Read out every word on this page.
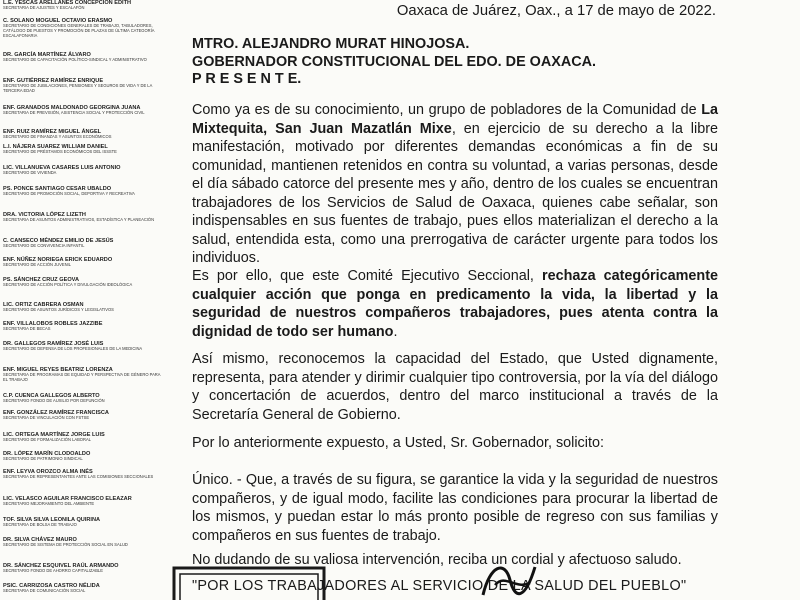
L.E. YESCAS ARELLANES CONCEPCIÓN EDITH
SECRETARIA DE AJUSTES Y ESCALAFÓN
C. SOLANO MOGUEL OCTAVIO ERASMO
SECRETARIO DE CONDICIONES GENERALES DE TRABAJO, TABULADORES, CATÁLOGO DE PUESTOS Y PROMOCIÓN DE PLAZAS DE ÚLTIMA CATEGORÍA ESCALAFONARIA
DR. GARCÍA MARTÍNEZ ÁLVARO
SECRETARIO DE CAPACITACIÓN POLÍTICO-SINDICAL Y ADMINISTRATIVO
ENF. GUTIÉRREZ RAMÍREZ ENRIQUE
SECRETARIO DE JUBILACIONES, PENSIONES Y SEGUROS DE VIDA Y DE LA TERCERA EDAD
ENF. GRANADOS MALDONADO GEORGINA JUANA
SECRETARIA DE PREVISIÓN, ASISTENCIA SOCIAL Y PROTECCIÓN CIVIL
ENF. RUIZ RAMÍREZ MIGUEL ÁNGEL
SECRETARIO DE FINANZAS Y ASUNTOS ECONÓMICOS
L.I. NÁJERA SUAREZ WILLIAM DANIEL
SECRETARIO DE PRÉSTAMOS ECONÓMICOS DEL ISSSTE
LIC. VILLANUEVA CASARES LUIS ANTONIO
SECRETARIO DE VIVIENDA
PS. PONCE SANTIAGO CESAR UBALDO
SECRETARIO DE PROMOCIÓN SOCIAL, DEPORTIVA Y RECREATIVA
DRA. VICTORIA LÓPEZ LIZETH
SECRETARIA DE ASUNTOS ADMINISTRATIVOS, ESTADÍSTICA Y PLANEACIÓN
C. CANSECO MÉNDEZ EMILIO DE JESÚS
SECRETARIO DE CONVIVENCIA INFANTIL
ENF. NÚÑEZ NORIEGA ERICK EDUARDO
SECRETARIO DE ACCIÓN JUVENIL
PS. SÁNCHEZ CRUZ GEOVA
SECRETARIO DE ACCIÓN POLÍTICA Y DIVULGACIÓN IDEOLÓGICA
LIC. ORTIZ CABRERA OSMAN
SECRETARIO DE ASUNTOS JURÍDICOS Y LEGISLATIVOS
ENF. VILLALOBOS ROBLES JAZZIBE
SECRETARIA DE BECAS
DR. GALLEGOS RAMÍREZ JOSÉ LUIS
SECRETARIO DE DEFENSA DE LOS PROFESIONALES DE LA MEDICINA
ENF. MIGUEL REYES BEATRIZ LORENZA
SECRETARIA DE PROGRAMAS DE EQUIDAD Y PERSPECTIVA DE GÉNERO PARA EL TRABAJO
C.P. CUENCA GALLEGOS ALBERTO
SECRETARIO FONDO DE AUXILIO POR DEFUNCIÓN
ENF. GONZÁLEZ RAMÍREZ FRANCISCA
SECRETARIA DE VINCULACIÓN CON FSTSE
LIC. ORTEGA MARTÍNEZ JORGE LUIS
SECRETARIO DE FORMALIZACIÓN LABORAL
DR. LÓPEZ MARÍN CLODOALDO
SECRETARIO DE PATRIMONIO SINDICAL
ENF. LEYVA OROZCO ALMA INÉS
SECRETARIA DE REPRESENTANTES ANTE LAS COMISIONES SECCIONALES
LIC. VELASCO AGUILAR FRANCISCO ELEAZAR
SECRETARIO MEJORAMIENTO DEL AMBIENTE
TOF. SILVA SILVA LEONILA QUIRINA
SECRETARIA DE BOLSA DE TRABAJO
DR. SILVA CHÁVEZ MAURO
SECRETARIO DE SISTEMA DE PROTECCIÓN SOCIAL EN SALUD
DR. SÁNCHEZ ESQUIVEL RAÚL ARMANDO
SECRETARIO FONDO DE AHORRO CAPITALIZABLE
PSIC. CARRIZOSA CASTRO NÉLIDA
SECRETARIA DE COMUNICACIÓN SOCIAL
Oaxaca de Juárez, Oax., a 17 de mayo de 2022.
MTRO. ALEJANDRO MURAT HINOJOSA.
GOBERNADOR CONSTITUCIONAL DEL EDO. DE OAXACA.
P R E S E N T E.

Como ya es de su conocimiento, un grupo de pobladores de la Comunidad de La Mixtequita, San Juan Mazatlán Mixe, en ejercicio de su derecho a la libre manifestación, motivado por diferentes demandas económicas a fin de su comunidad, mantienen retenidos en contra su voluntad, a varias personas, desde el día sábado catorce del presente mes y año, dentro de los cuales se encuentran trabajadores de los Servicios de Salud de Oaxaca, quienes cabe señalar, son indispensables en sus fuentes de trabajo, pues ellos materializan el derecho a la salud, entendida esta, como una prerrogativa de carácter urgente para todos los individuos.

Es por ello, que este Comité Ejecutivo Seccional, rechaza categóricamente cualquier acción que ponga en predicamento la vida, la libertad y la seguridad de nuestros compañeros trabajadores, pues atenta contra la dignidad de todo ser humano.

Así mismo, reconocemos la capacidad del Estado, que Usted dignamente, representa, para atender y dirimir cualquier tipo controversia, por la vía del diálogo y concertación de acuerdos, dentro del marco institucional a través de la Secretaría General de Gobierno.

Por lo anteriormente expuesto, a Usted, Sr. Gobernador, solicito:

Único. - Que, a través de su figura, se garantice la vida y la seguridad de nuestros compañeros, y de igual modo, facilite las condiciones para procurar la libertad de los mismos, y puedan estar lo más pronto posible de regreso con sus familias y compañeros en sus fuentes de trabajo.

No dudando de su valiosa intervención, reciba un cordial y afectuoso saludo.
"POR LOS TRABAJADORES AL SERVICIO DE LA SALUD DEL PUEBLO"
